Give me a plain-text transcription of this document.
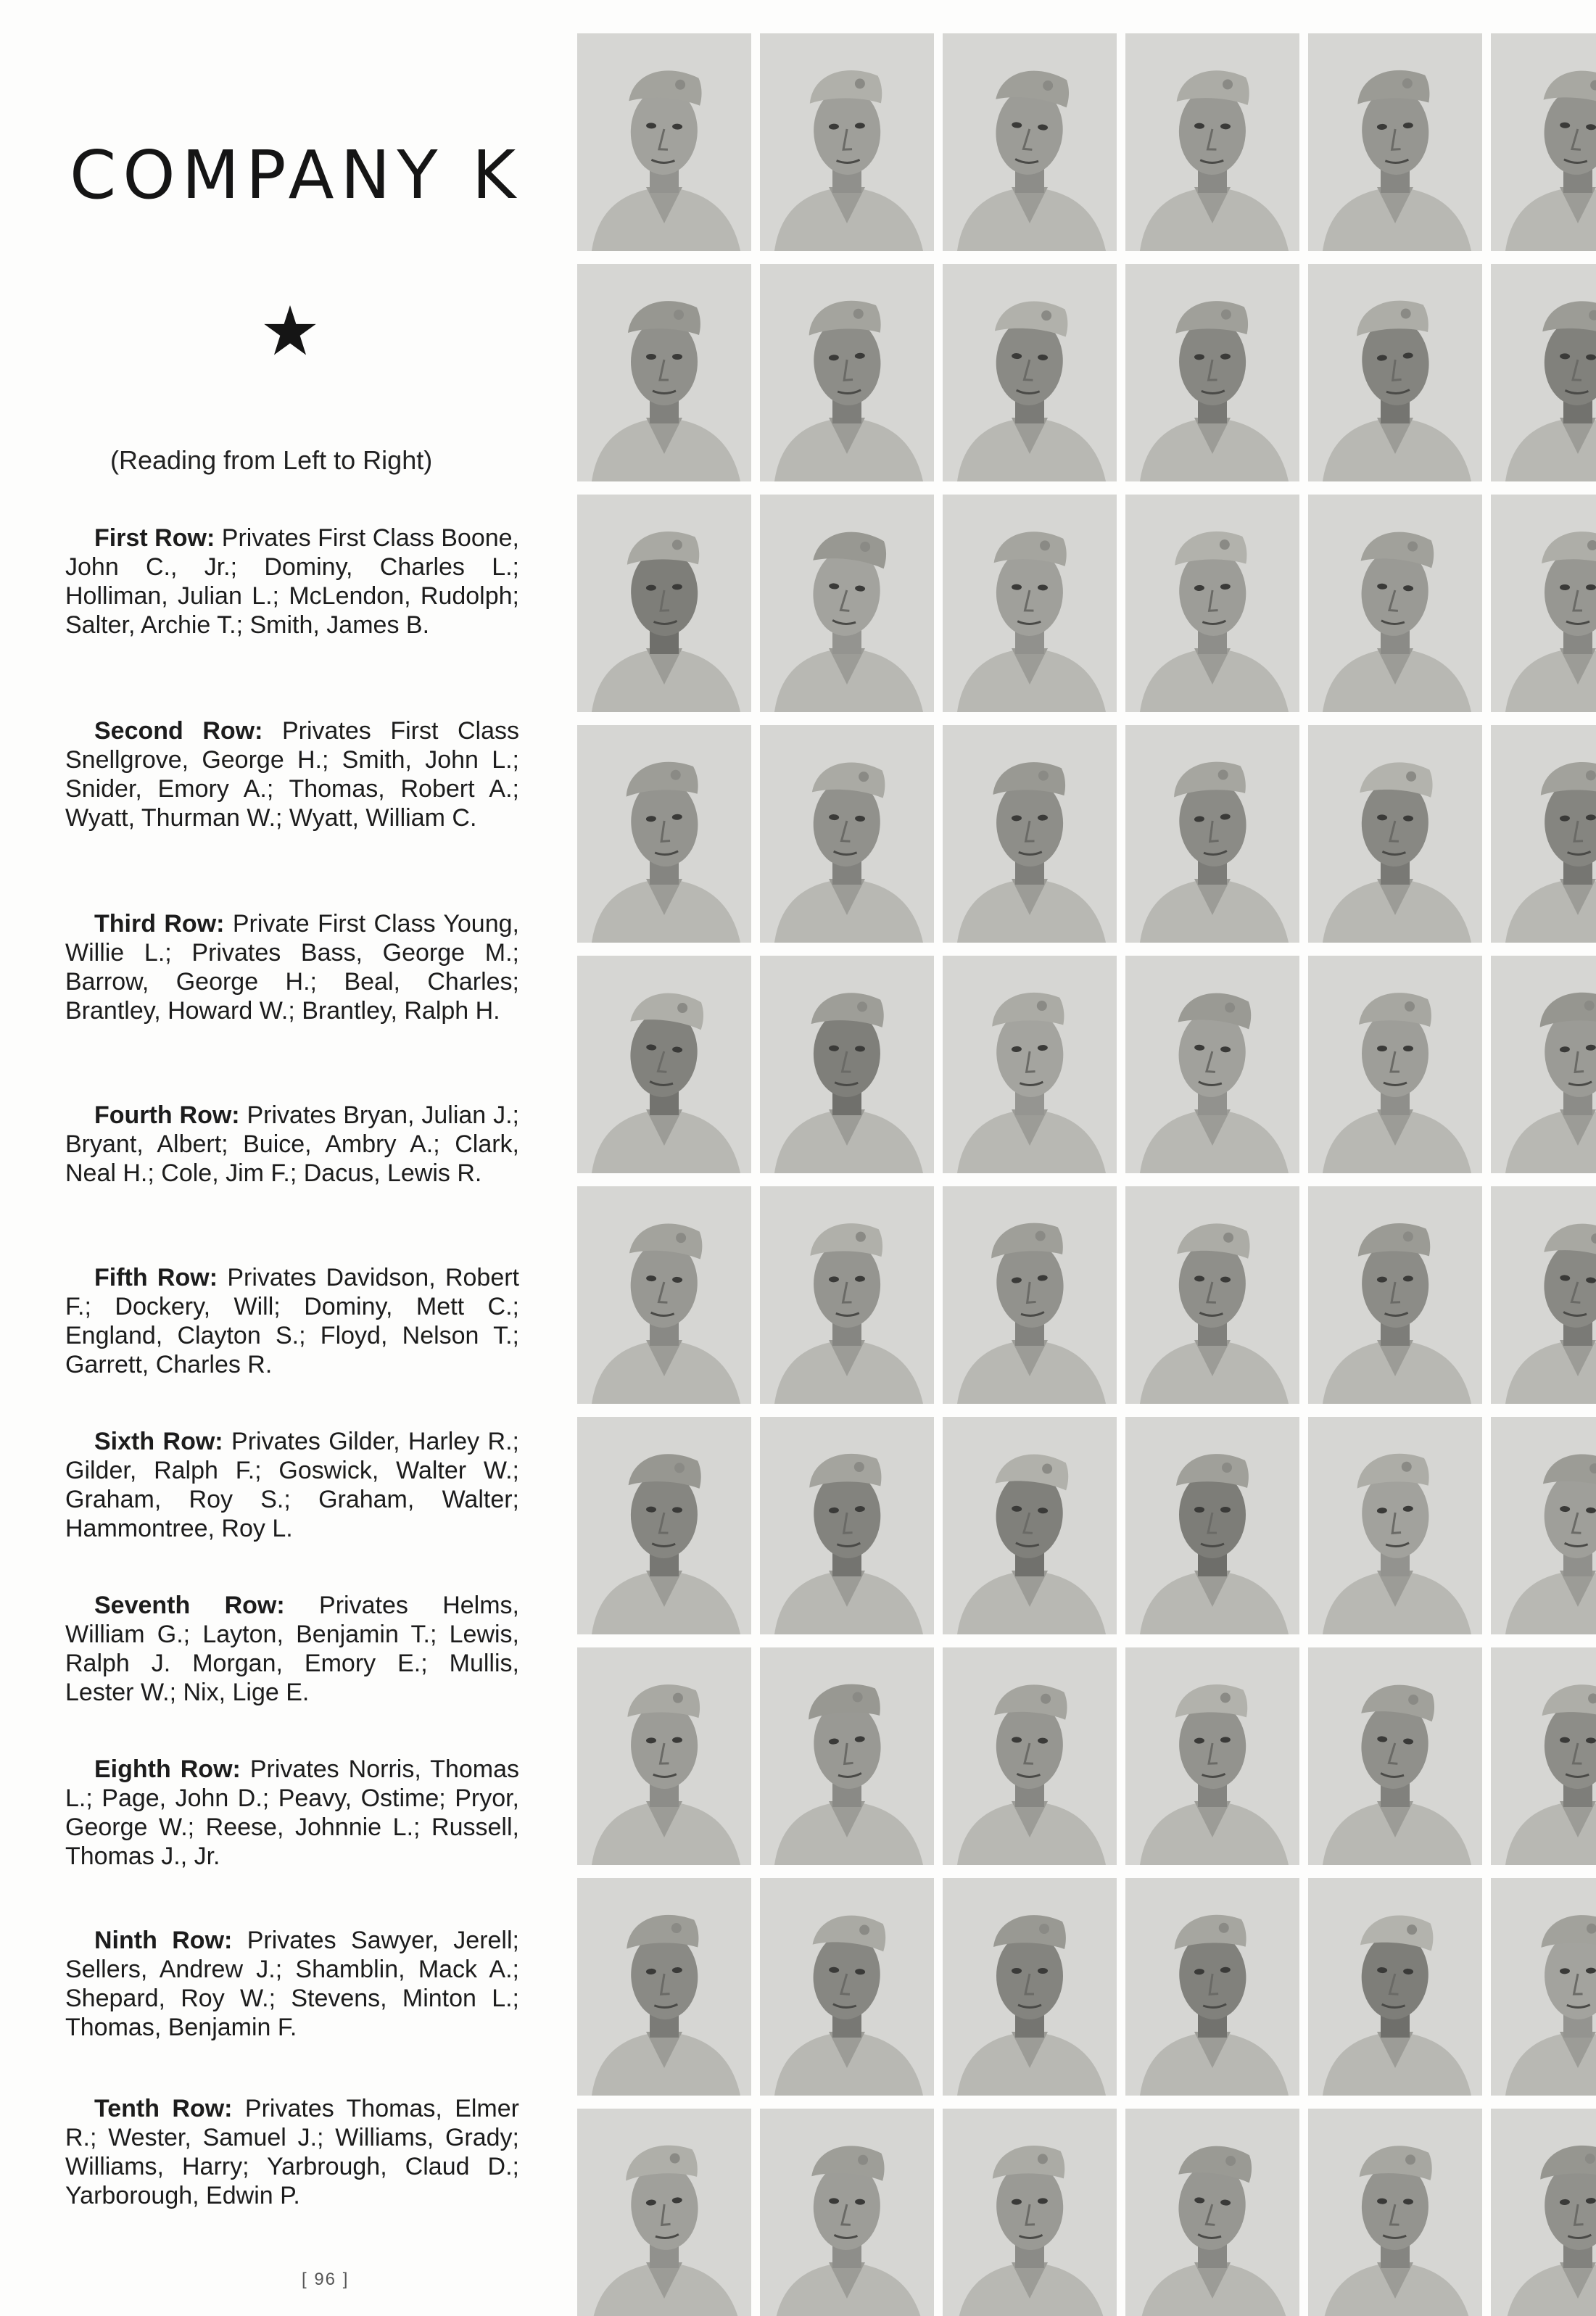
COMPANY K
(Reading from Left to Right)
First Row: Privates First Class Boone, John C., Jr.; Dominy, Charles L.; Holliman, Julian L.; McLendon, Rudolph; Salter, Archie T.; Smith, James B.
Second Row: Privates First Class Snellgrove, George H.; Smith, John L.; Snider, Emory A.; Thomas, Robert A.; Wyatt, Thurman W.; Wyatt, William C.
Third Row: Private First Class Young, Willie L.; Privates Bass, George M.; Barrow, George H.; Beal, Charles; Brantley, Howard W.; Brantley, Ralph H.
Fourth Row: Privates Bryan, Julian J.; Bryant, Albert; Buice, Ambry A.; Clark, Neal H.; Cole, Jim F.; Dacus, Lewis R.
Fifth Row: Privates Davidson, Robert F.; Dockery, Will; Dominy, Mett C.; England, Clayton S.; Floyd, Nelson T.; Garrett, Charles R.
Sixth Row: Privates Gilder, Harley R.; Gilder, Ralph F.; Goswick, Walter W.; Graham, Roy S.; Graham, Walter; Hammontree, Roy L.
Seventh Row: Privates Helms, William G.; Layton, Benjamin T.; Lewis, Ralph J. Morgan, Emory E.; Mullis, Lester W.; Nix, Lige E.
Eighth Row: Privates Norris, Thomas L.; Page, John D.; Peavy, Ostime; Pryor, George W.; Reese, Johnnie L.; Russell, Thomas J., Jr.
Ninth Row: Privates Sawyer, Jerell; Sellers, Andrew J.; Shamblin, Mack A.; Shepard, Roy W.; Stevens, Minton L.; Thomas, Benjamin F.
Tenth Row: Privates Thomas, Elmer R.; Wester, Samuel J.; Williams, Grady; Williams, Harry; Yarbrough, Claud D.; Yarborough, Edwin P.
[ 96 ]
